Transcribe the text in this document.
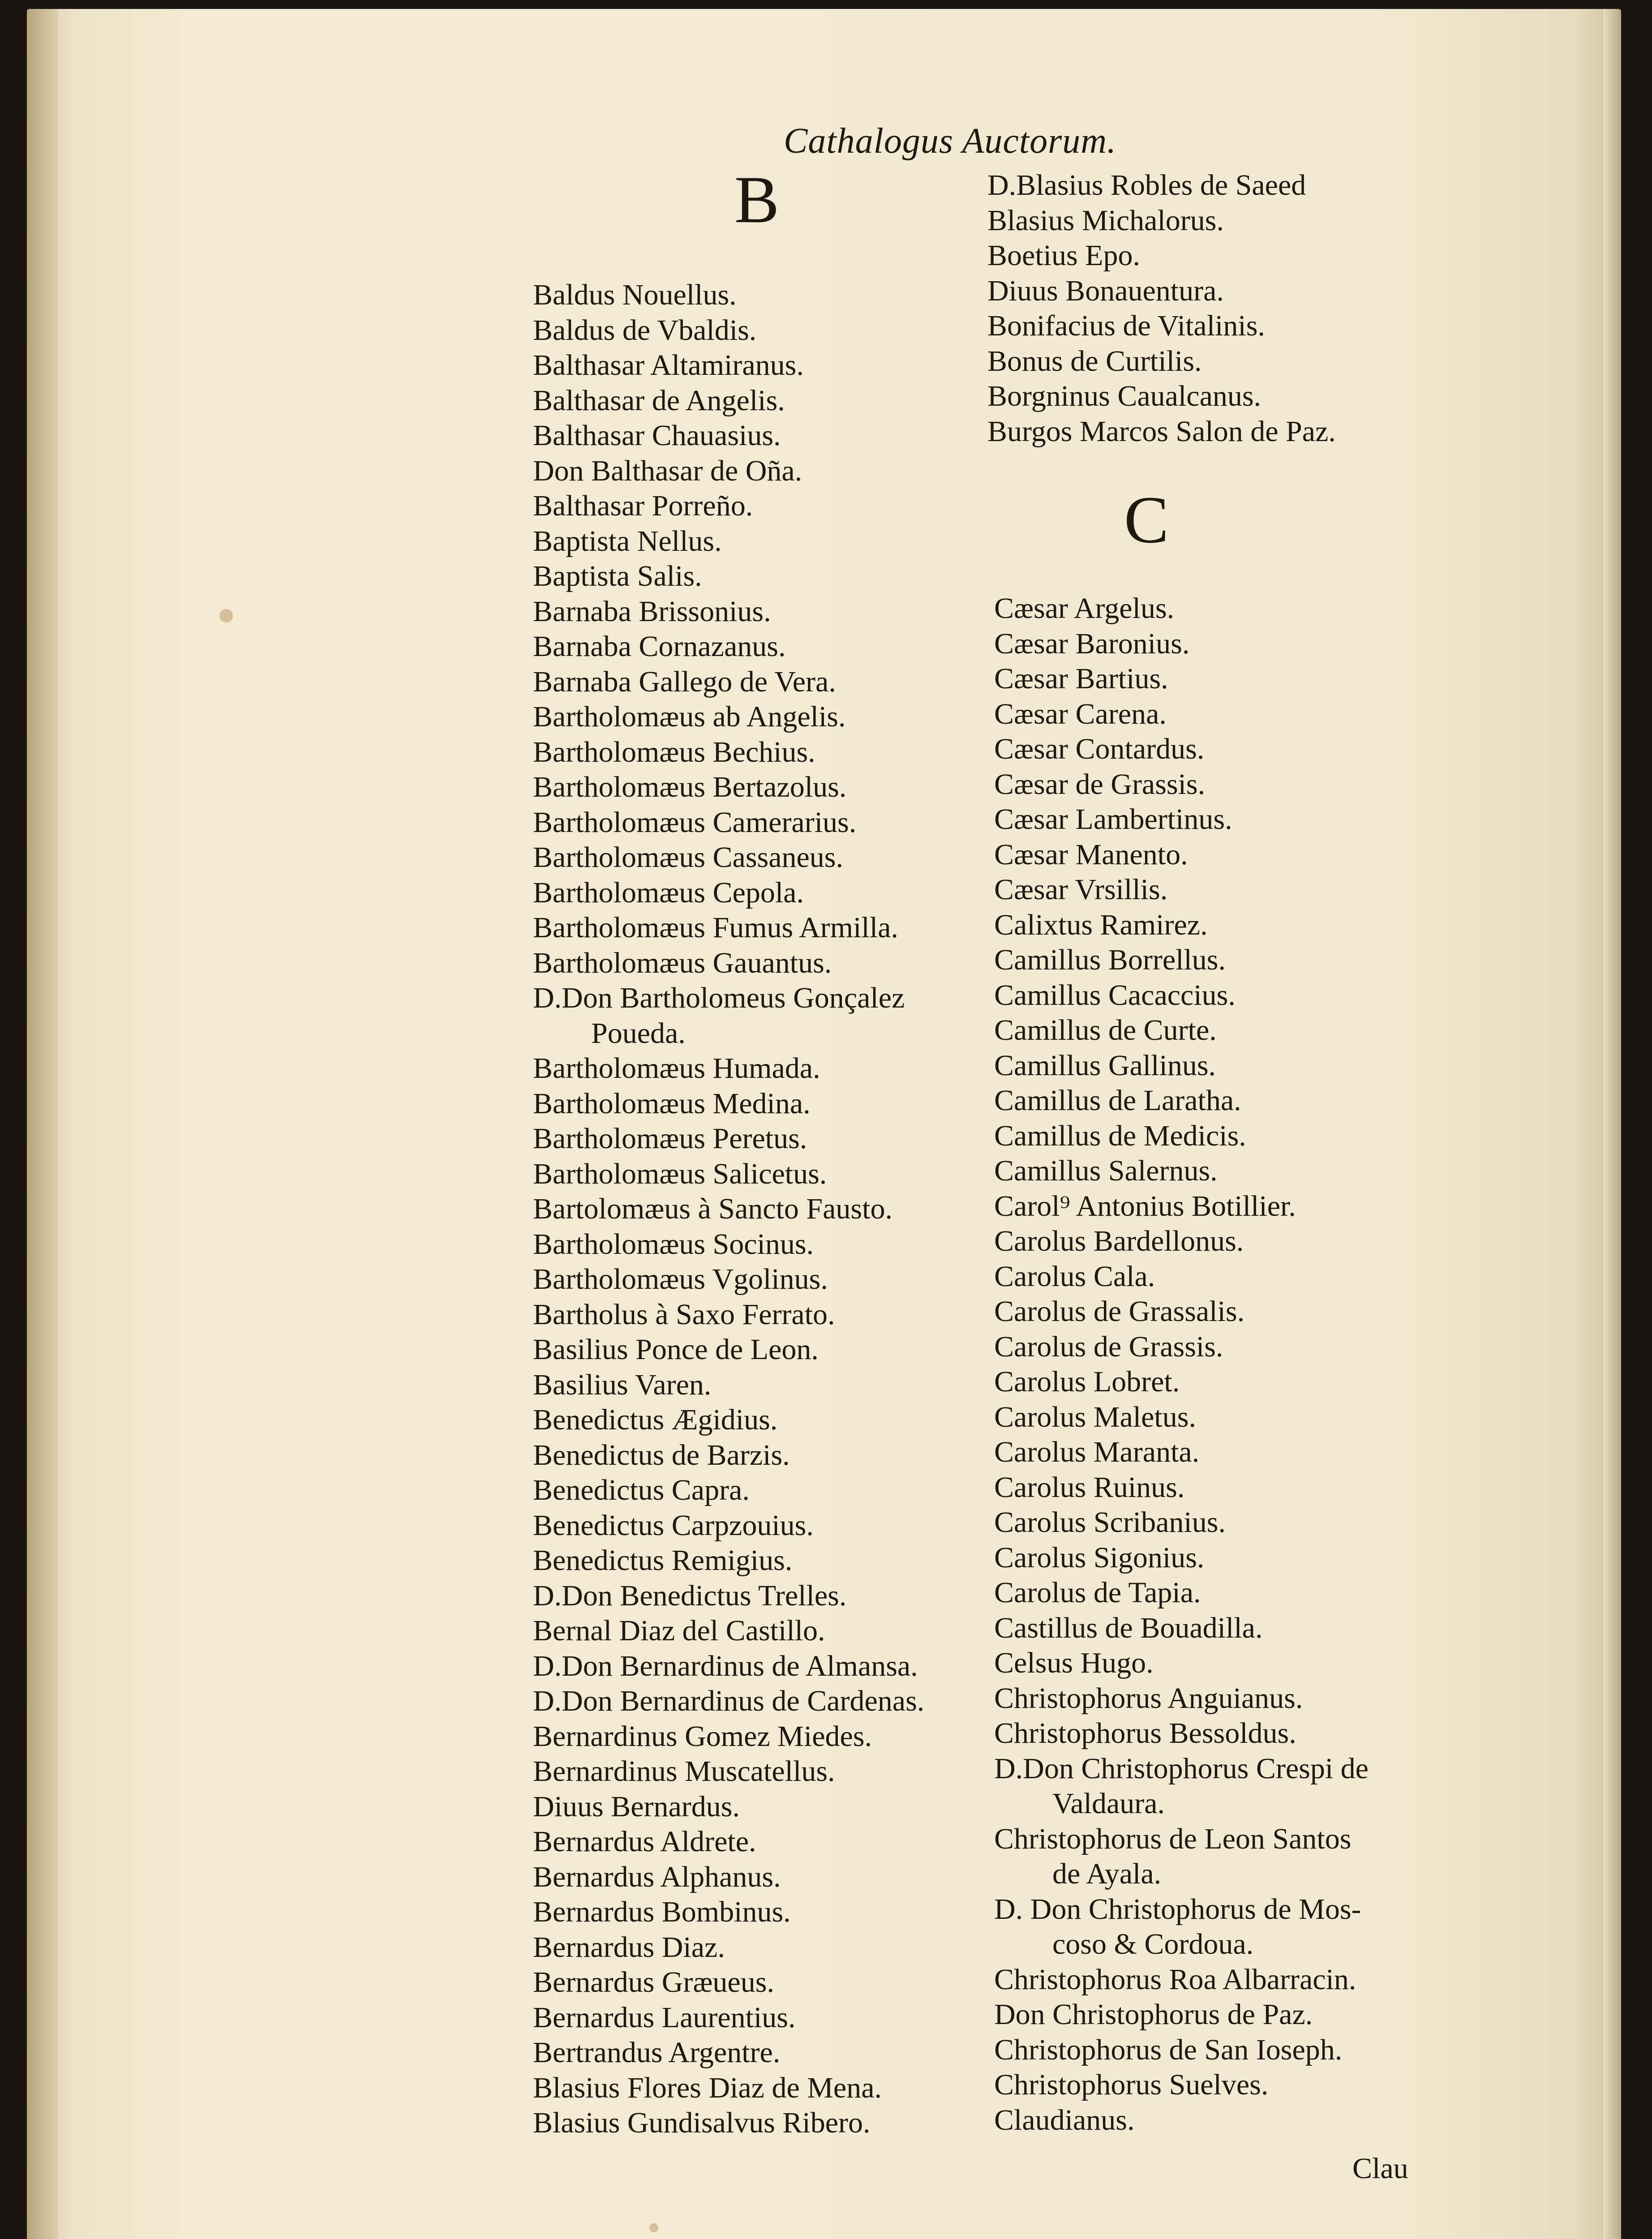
Cathalogus Auctorum.
B
Baldus Nouellus.
Baldus de Vbaldis.
Balthasar Altamiranus.
Balthasar de Angelis.
Balthasar Chauasius.
Don Balthasar de Oña.
Balthasar Porreño.
Baptista Nellus.
Baptista Salis.
Barnaba Brissonius.
Barnaba Cornazanus.
Barnaba Gallego de Vera.
Bartholomæus ab Angelis.
Bartholomæus Bechius.
Bartholomæus Bertazolus.
Bartholomæus Camerarius.
Bartholomæus Cassaneus.
Bartholomæus Cepola.
Bartholomæus Fumus Armilla.
Bartholomæus Gauantus.
D.Don Bartholomeus Gonçalez
Poueda.
Bartholomæus Humada.
Bartholomæus Medina.
Bartholomæus Peretus.
Bartholomæus Salicetus.
Bartolomæus à Sancto Fausto.
Bartholomæus Socinus.
Bartholomæus Vgolinus.
Bartholus à Saxo Ferrato.
Basilius Ponce de Leon.
Basilius Varen.
Benedictus Ægidius.
Benedictus de Barzis.
Benedictus Capra.
Benedictus Carpzouius.
Benedictus Remigius.
D.Don Benedictus Trelles.
Bernal Diaz del Castillo.
D.Don Bernardinus de Almansa.
D.Don Bernardinus de Cardenas.
Bernardinus Gomez Miedes.
Bernardinus Muscatellus.
Diuus Bernardus.
Bernardus Aldrete.
Bernardus Alphanus.
Bernardus Bombinus.
Bernardus Diaz.
Bernardus Græueus.
Bernardus Laurentius.
Bertrandus Argentre.
Blasius Flores Diaz de Mena.
Blasius Gundisalvus Ribero.
D.Blasius Robles de Saeed
Blasius Michalorus.
Boetius Epo.
Diuus Bonauentura.
Bonifacius de Vitalinis.
Bonus de Curtilis.
Borgninus Caualcanus.
Burgos Marcos Salon de Paz.
C
Cæsar Argelus.
Cæsar Baronius.
Cæsar Bartius.
Cæsar Carena.
Cæsar Contardus.
Cæsar de Grassis.
Cæsar Lambertinus.
Cæsar Manento.
Cæsar Vrsillis.
Calixtus Ramirez.
Camillus Borrellus.
Camillus Cacaccius.
Camillus de Curte.
Camillus Gallinus.
Camillus de Laratha.
Camillus de Medicis.
Camillus Salernus.
Carol⁹ Antonius Botillier.
Carolus Bardellonus.
Carolus Cala.
Carolus de Grassalis.
Carolus de Grassis.
Carolus Lobret.
Carolus Maletus.
Carolus Maranta.
Carolus Ruinus.
Carolus Scribanius.
Carolus Sigonius.
Carolus de Tapia.
Castillus de Bouadilla.
Celsus Hugo.
Christophorus Anguianus.
Christophorus Bessoldus.
D.Don Christophorus Crespi de
Valdaura.
Christophorus de Leon Santos
de Ayala.
D. Don Christophorus de Mos-
coso & Cordoua.
Christophorus Roa Albarracin.
Don Christophorus de Paz.
Christophorus de San Ioseph.
Christophorus Suelves.
Claudianus.
Clau
